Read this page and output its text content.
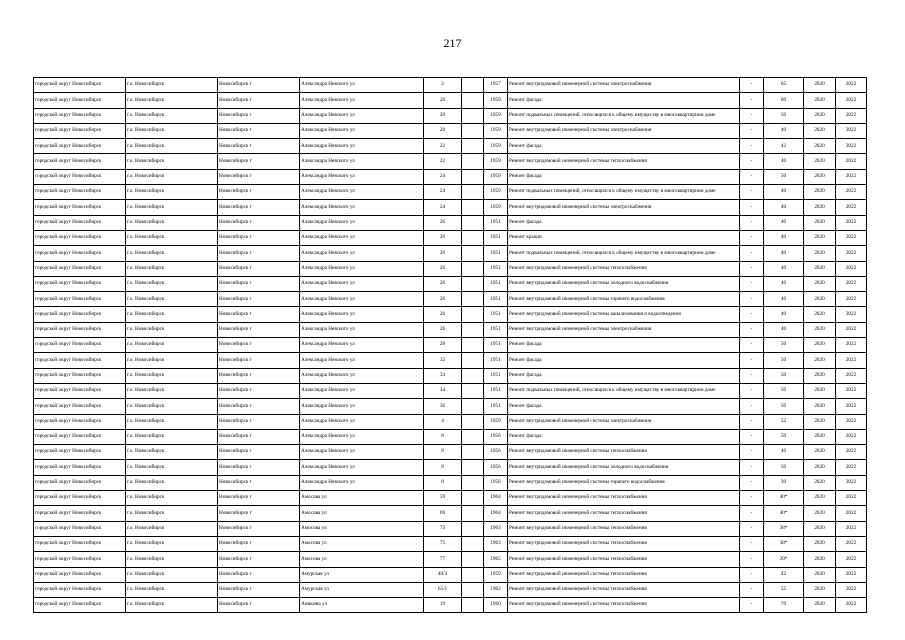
217
городской округ Новосибирск	г.о. Новосибирск	Новосибирск г	Александра Невского ул	2		1957	Ремонт внутридомовой инженерной системы электроснабжения	-	65	2020	2022
городской округ Новосибирск	г.о. Новосибирск	Новосибирск г	Александра Невского ул	20		1959	Ремонт фасада	-	60	2020	2022
городской округ Новосибирск	г.о. Новосибирск	Новосибирск г	Александра Невского ул	20		1959	Ремонт подвальных помещений, относящихся к общему имуществу в многоквартирном доме	-	50	2020	2022
городской округ Новосибирск	г.о. Новосибирск	Новосибирск г	Александра Невского ул	20		1959	Ремонт внутридомовой инженерной системы электроснабжения	-	40	2020	2022
городской округ Новосибирск	г.о. Новосибирск	Новосибирск г	Александра Невского ул	22		1959	Ремонт фасада	-	42	2020	2022
городской округ Новосибирск	г.о. Новосибирск	Новосибирск г	Александра Невского ул	22		1959	Ремонт внутридомовой инженерной системы теплоснабжения	-	40	2020	2022
городской округ Новосибирск	г.о. Новосибирск	Новосибирск г	Александра Невского ул	24		1959	Ремонт фасада	-	50	2020	2022
городской округ Новосибирск	г.о. Новосибирск	Новосибирск г	Александра Невского ул	24		1959	Ремонт подвальных помещений, относящихся к общему имуществу в многоквартирном доме	-	40	2020	2022
городской округ Новосибирск	г.о. Новосибирск	Новосибирск г	Александра Невского ул	24		1959	Ремонт внутридомовой инженерной системы электроснабжения	-	40	2020	2022
городской округ Новосибирск	г.о. Новосибирск	Новосибирск г	Александра Невского ул	26		1951	Ремонт фасада	-	40	2020	2022
городской округ Новосибирск	г.о. Новосибирск	Новосибирск г	Александра Невского ул	26		1951	Ремонт крыши	-	40	2020	2022
городской округ Новосибирск	г.о. Новосибирск	Новосибирск г	Александра Невского ул	26		1951	Ремонт подвальных помещений, относящихся к общему имуществу в многоквартирном доме	-	40	2020	2022
городской округ Новосибирск	г.о. Новосибирск	Новосибирск г	Александра Невского ул	26		1951	Ремонт внутридомовой инженерной системы теплоснабжения	-	40	2020	2022
городской округ Новосибирск	г.о. Новосибирск	Новосибирск г	Александра Невского ул	26		1951	Ремонт внутридомовой инженерной системы холодного водоснабжения	-	40	2020	2022
городской округ Новосибирск	г.о. Новосибирск	Новосибирск г	Александра Невского ул	26		1951	Ремонт внутридомовой инженерной системы горячего водоснабжения	-	40	2020	2022
городской округ Новосибирск	г.о. Новосибирск	Новосибирск г	Александра Невского ул	26		1951	Ремонт внутридомовой инженерной системы канализования и водоотведения	-	40	2020	2022
городской округ Новосибирск	г.о. Новосибирск	Новосибирск г	Александра Невского ул	26		1951	Ремонт внутридомовой инженерной системы электроснабжения	-	40	2020	2022
городской округ Новосибирск	г.о. Новосибирск	Новосибирск г	Александра Невского ул	28		1951	Ремонт фасада	-	50	2020	2022
городской округ Новосибирск	г.о. Новосибирск	Новосибирск г	Александра Невского ул	32		1951	Ремонт фасада	-	50	2020	2022
городской округ Новосибирск	г.о. Новосибирск	Новосибирск г	Александра Невского ул	34		1951	Ремонт фасада	-	50	2020	2022
городской округ Новосибирск	г.о. Новосибирск	Новосибирск г	Александра Невского ул	34		1951	Ремонт подвальных помещений, относящихся к общему имуществу в многоквартирном доме	-	50	2020	2022
городской округ Новосибирск	г.о. Новосибирск	Новосибирск г	Александра Невского ул	36		1951	Ремонт фасада	-	50	2020	2022
городской округ Новосибирск	г.о. Новосибирск	Новосибирск г	Александра Невского ул	4		1959	Ремонт внутридомовой инженерной системы электроснабжения	-	52	2020	2022
городской округ Новосибирск	г.о. Новосибирск	Новосибирск г	Александра Невского ул	8		1956	Ремонт фасада	-	50	2020	2022
городской округ Новосибирск	г.о. Новосибирск	Новосибирск г	Александра Невского ул	8		1956	Ремонт внутридомовой инженерной системы теплоснабжения	-	40	2020	2022
городской округ Новосибирск	г.о. Новосибирск	Новосибирск г	Александра Невского ул	8		1956	Ремонт внутридомовой инженерной системы холодного водоснабжения	-	50	2020	2022
городской округ Новосибирск	г.о. Новосибирск	Новосибирск г	Александра Невского ул	8		1956	Ремонт внутридомовой инженерной системы горячего водоснабжения	-	30	2020	2022
городской округ Новосибирск	г.о. Новосибирск	Новосибирск г	Амосова ул	59		1964	Ремонт внутридомовой инженерной системы теплоснабжения	-	40*	2020	2022
городской округ Новосибирск	г.о. Новосибирск	Новосибирск г	Амосова ул	69		1964	Ремонт внутридомовой инженерной системы теплоснабжения	-	40*	2020	2022
городской округ Новосибирск	г.о. Новосибирск	Новосибирск г	Амосова ул	73		1963	Ремонт внутридомовой инженерной системы теплоснабжения	-	38*	2020	2022
городской округ Новосибирск	г.о. Новосибирск	Новосибирск г	Амосова ул	75		1963	Ремонт внутридомовой инженерной системы теплоснабжения	-	38*	2020	2022
городской округ Новосибирск	г.о. Новосибирск	Новосибирск г	Амосова ул	77		1965	Ремонт внутридомовой инженерной системы теплоснабжения	-	39*	2020	2022
городской округ Новосибирск	г.о. Новосибирск	Новосибирск г	Амурская ул	40/3		1959	Ремонт внутридомовой инженерной системы теплоснабжения	-	42	2020	2022
городской округ Новосибирск	г.о. Новосибирск	Новосибирск г	Амурская ул	65/1		1962	Ремонт внутридомовой инженерной системы теплоснабжения	-	55	2020	2022
городской округ Новосибирск	г.о. Новосибирск	Новосибирск г	Аникина ул	19		1960	Ремонт внутридомовой инженерной системы теплоснабжения	-	70	2020	2022
